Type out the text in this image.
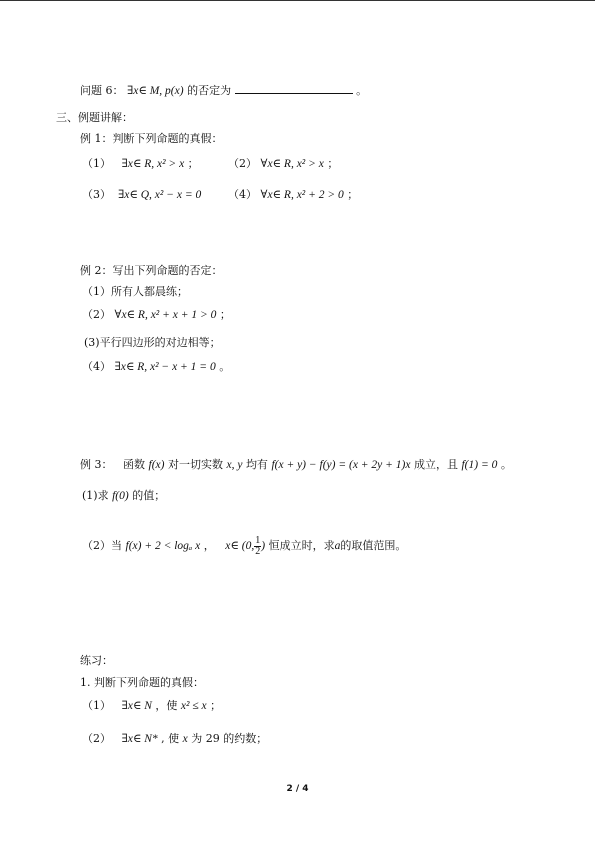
问题 6： ∃x∈ M, p(x) 的否定为	。
三、例题讲解：
例 1：判断下列命题的真假：
（1） ∃x∈ R, x² > x ；	（2） ∀x∈ R, x² > x ；
（3） ∃x∈ Q, x² − x = 0 （4） ∀x∈ R, x² + 2 > 0 ；
例 2：写出下列命题的否定：
（1）所有人都晨练；
（2） ∀x∈ R, x² + x + 1 > 0 ；
(3)平行四边形的对边相等；
（4） ∃x∈ R, x² − x + 1 = 0 。
例 3： 函数 f(x) 对一切实数 x, y 均有 f(x + y) − f(y) = (x + 2y + 1)x 成立，且 f(1) = 0 。
(1)求 f(0) 的值；
（2）当 f(x) + 2 < logₐ x ， x∈ (0, $\frac{1}{2}$ ) 恒成立时，求a的取值范围。
练习：
1. 判断下列命题的真假：
（1） ∃x∈ N ，使 x² ≤ x ；
（2） ∃x∈ N* , 使 x 为 29 的约数；
2 / 4
